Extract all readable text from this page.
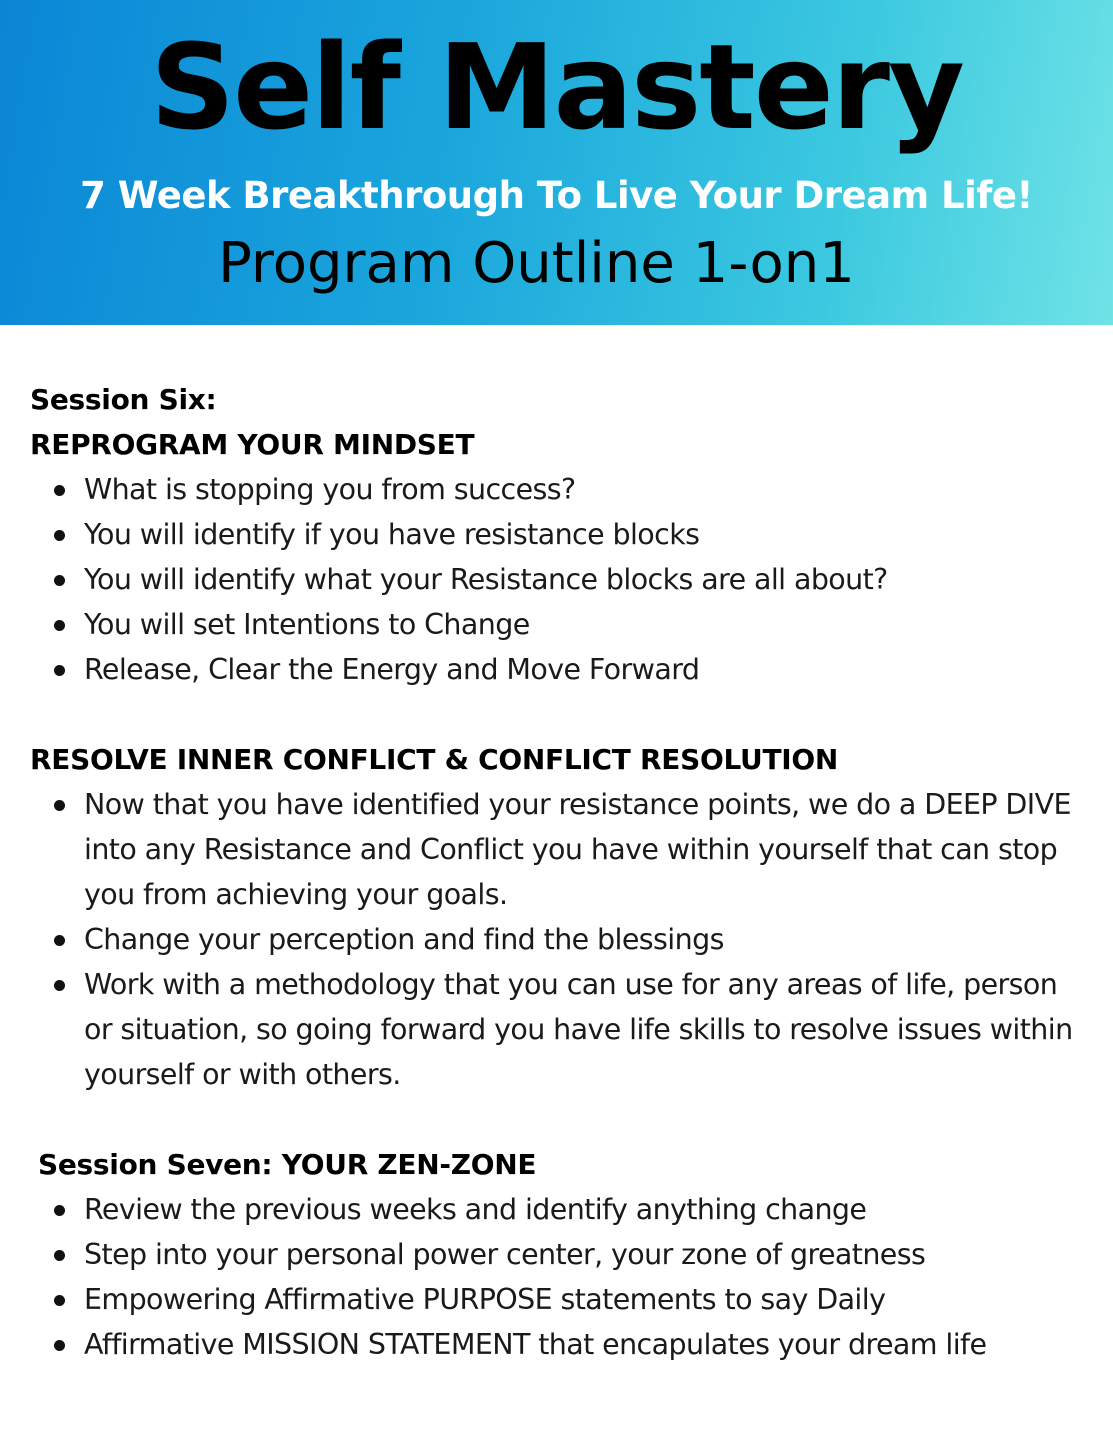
Self Mastery
7 Week Breakthrough To Live Your Dream Life!
Program Outline 1-on1
Session Six:
REPROGRAM YOUR MINDSET
What is stopping you from success?
You will identify if you have resistance blocks
You will identify what your Resistance blocks are all about?
You will set Intentions to Change
Release, Clear the Energy and Move Forward
RESOLVE INNER CONFLICT & CONFLICT RESOLUTION
Now that you have identified your resistance points, we do a DEEP DIVE into any Resistance and Conflict you have within yourself that can stop you from achieving your goals.
Change your perception and find the blessings
Work with a methodology that you can use for any areas of life, person or situation, so going forward you have life skills to resolve issues within yourself or with others.
Session Seven: YOUR ZEN-ZONE
Review the previous weeks and identify anything change
Step into your personal power center, your zone of greatness
Empowering Affirmative PURPOSE statements to say Daily
Affirmative MISSION STATEMENT that encapulates your dream life
